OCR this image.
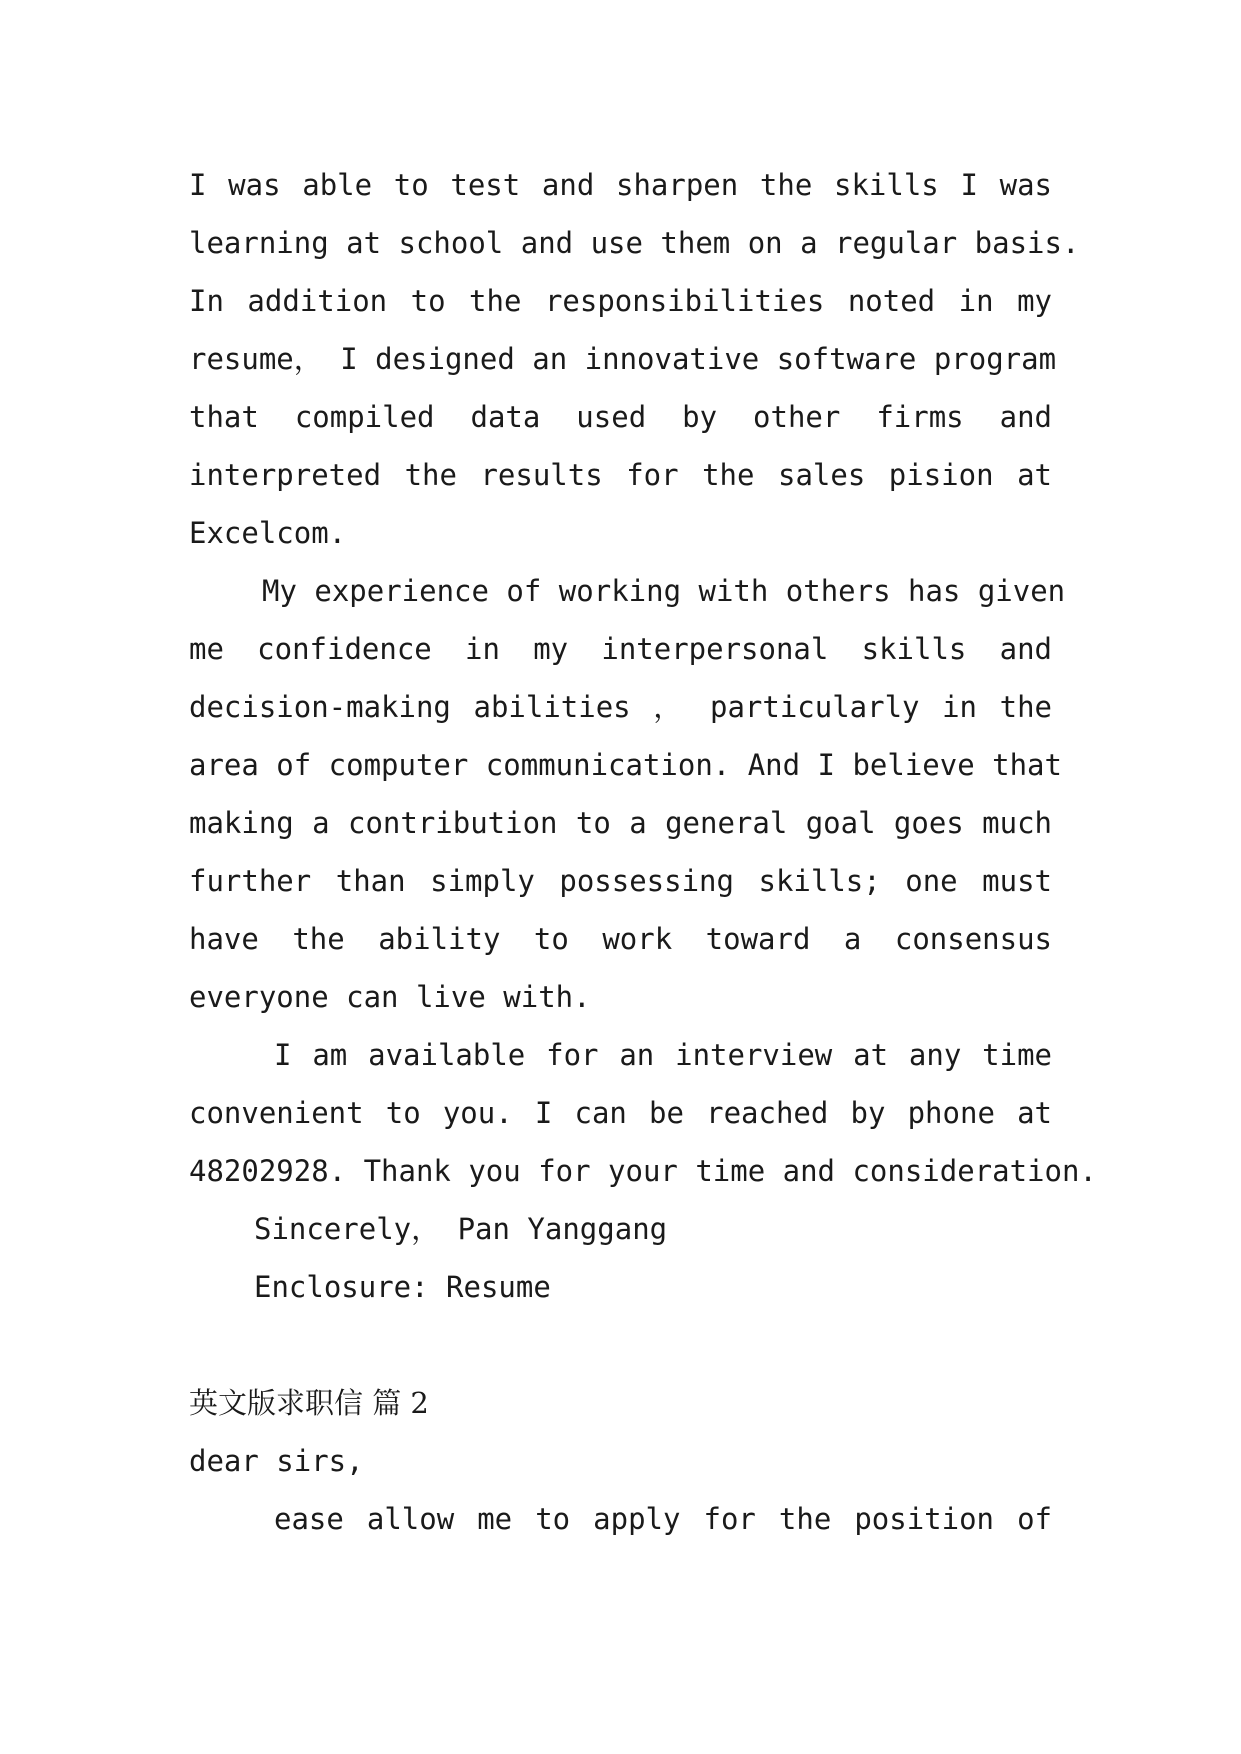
I was able to test and sharpen the skills I was
learning at school and use them on a regular basis.
In addition to the responsibilities noted in my
resume， I designed an innovative software program
that compiled data used by other firms and
interpreted the results for the sales pision at
Excelcom.
My experience of working with others has given
me confidence in my interpersonal skills and
decision-making abilities ， particularly in the
area of computer communication. And I believe that
making a contribution to a general goal goes much
further than simply possessing skills; one must
have the ability to work toward a consensus
everyone can live with.
I am available for an interview at any time
convenient to you. I can be reached by phone at
48202928. Thank you for your time and consideration.
Sincerely， Pan Yanggang
Enclosure: Resume
英文版求职信 篇 2
dear sirs,
ease allow me to apply for the position of
